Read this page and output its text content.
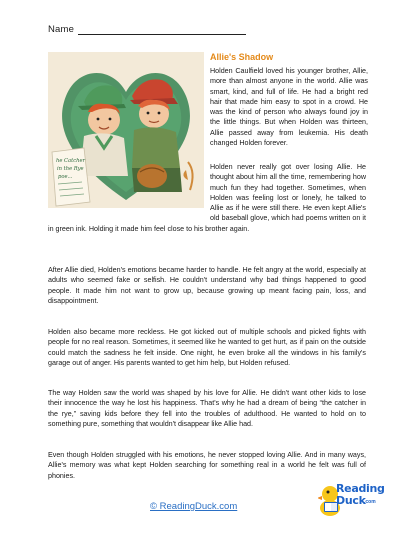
Name
he Catcher
in the Rye
poe...
Allie's Shadow

Holden Caulfield loved his younger brother, Allie, more than almost anyone in the world. Allie was smart, kind, and full of life. He had a bright red hair that made him easy to spot in a crowd. He was the kind of person who always found joy in the little things. But when Holden was thirteen, Allie passed away from leukemia. His death changed Holden forever.

Holden never really got over losing Allie. He thought about him all the time, remembering how much fun they had together. Sometimes, when Holden was feeling lost or lonely, he talked to Allie as if he were still there. He even kept Allie's old baseball glove, which had poems written on it in green ink. Holding it made him feel close to his brother again.

After Allie died, Holden's emotions became harder to handle. He felt angry at the world, especially at adults who seemed fake or selfish. He couldn't understand why bad things happened to good people. It made him not want to grow up, because growing up meant facing pain, loss, and disappointment.

Holden also became more reckless. He got kicked out of multiple schools and picked fights with people for no real reason. Sometimes, it seemed like he wanted to get hurt, as if pain on the outside could match the sadness he felt inside. One night, he even broke all the windows in his family's garage out of anger. His parents wanted to get him help, but Holden refused.

The way Holden saw the world was shaped by his love for Allie. He didn't want other kids to lose their innocence the way he lost his happiness. That's why he had a dream of being “the catcher in the rye,” saving kids before they fell into the troubles of adulthood. He wanted to hold on to something pure, something that wouldn't disappear like Allie had.

Even though Holden struggled with his emotions, he never stopped loving Allie. And in many ways, Allie's memory was what kept Holden searching for something real in a world he felt was full of phonies.

© ReadingDuck.com
Reading
Duck
.com
